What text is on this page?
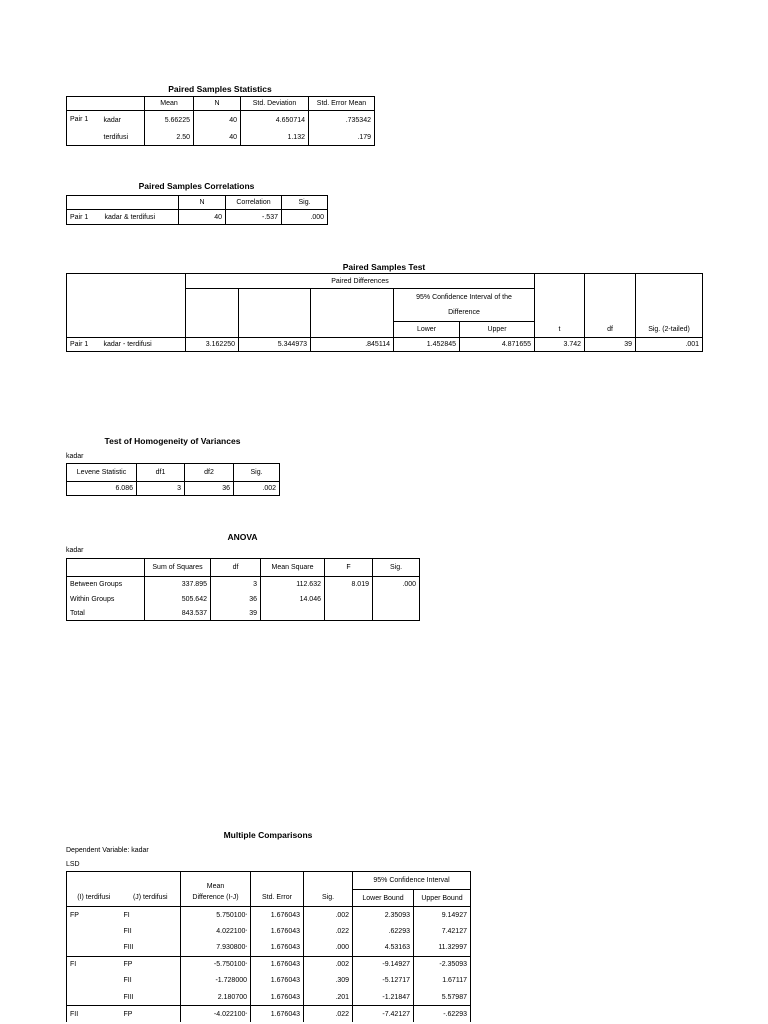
Paired Samples Statistics
		Mean	N	Std. Deviation	Std. Error Mean
Pair 1	kadar	5.66225	40	4.650714	.735342
	terdifusi	2.50	40	1.132	.179
Paired Samples Correlations
		N	Correlation	Sig.
Pair 1	kadar & terdifusi	40	-.537	.000
Paired Samples Test
		Paired Differences							
					95% Confidence Interval of the
Difference				
					Lower	Upper	t	df	Sig. (2-tailed)

Pair 1	kadar - terdifusi	3.162250	5.344973	.845114	1.452845	4.871655	3.742	39	.001
Test of Homogeneity of Variances
kadar
Levene Statistic	df1	df2	Sig.
6.086	3	36	.002
ANOVA
kadar
	Sum of Squares	df	Mean Square	F	Sig.
Between Groups	337.895	3	112.632	8.019	.000
Within Groups	505.642	36	14.046		
Total	843.537	39			
Multiple Comparisons
Dependent Variable: kadar
LSD
		Mean			95% Confidence Interval	
(I) terdifusi	(J) terdifusi	Difference (I-J)	Std. Error	Sig.	Lower Bound	Upper Bound
FP	FI	5.750100*	1.676043	.002	2.35093	9.14927
	FII	4.022100*	1.676043	.022	.62293	7.42127
	FIII	7.930800*	1.676043	.000	4.53163	11.32997
FI	FP	-5.750100*	1.676043	.002	-9.14927	-2.35093
	FII	-1.728000	1.676043	.309	-5.12717	1.67117
	FIII	2.180700	1.676043	.201	-1.21847	5.57987
FII	FP	-4.022100*	1.676043	.022	-7.42127	-.62293
